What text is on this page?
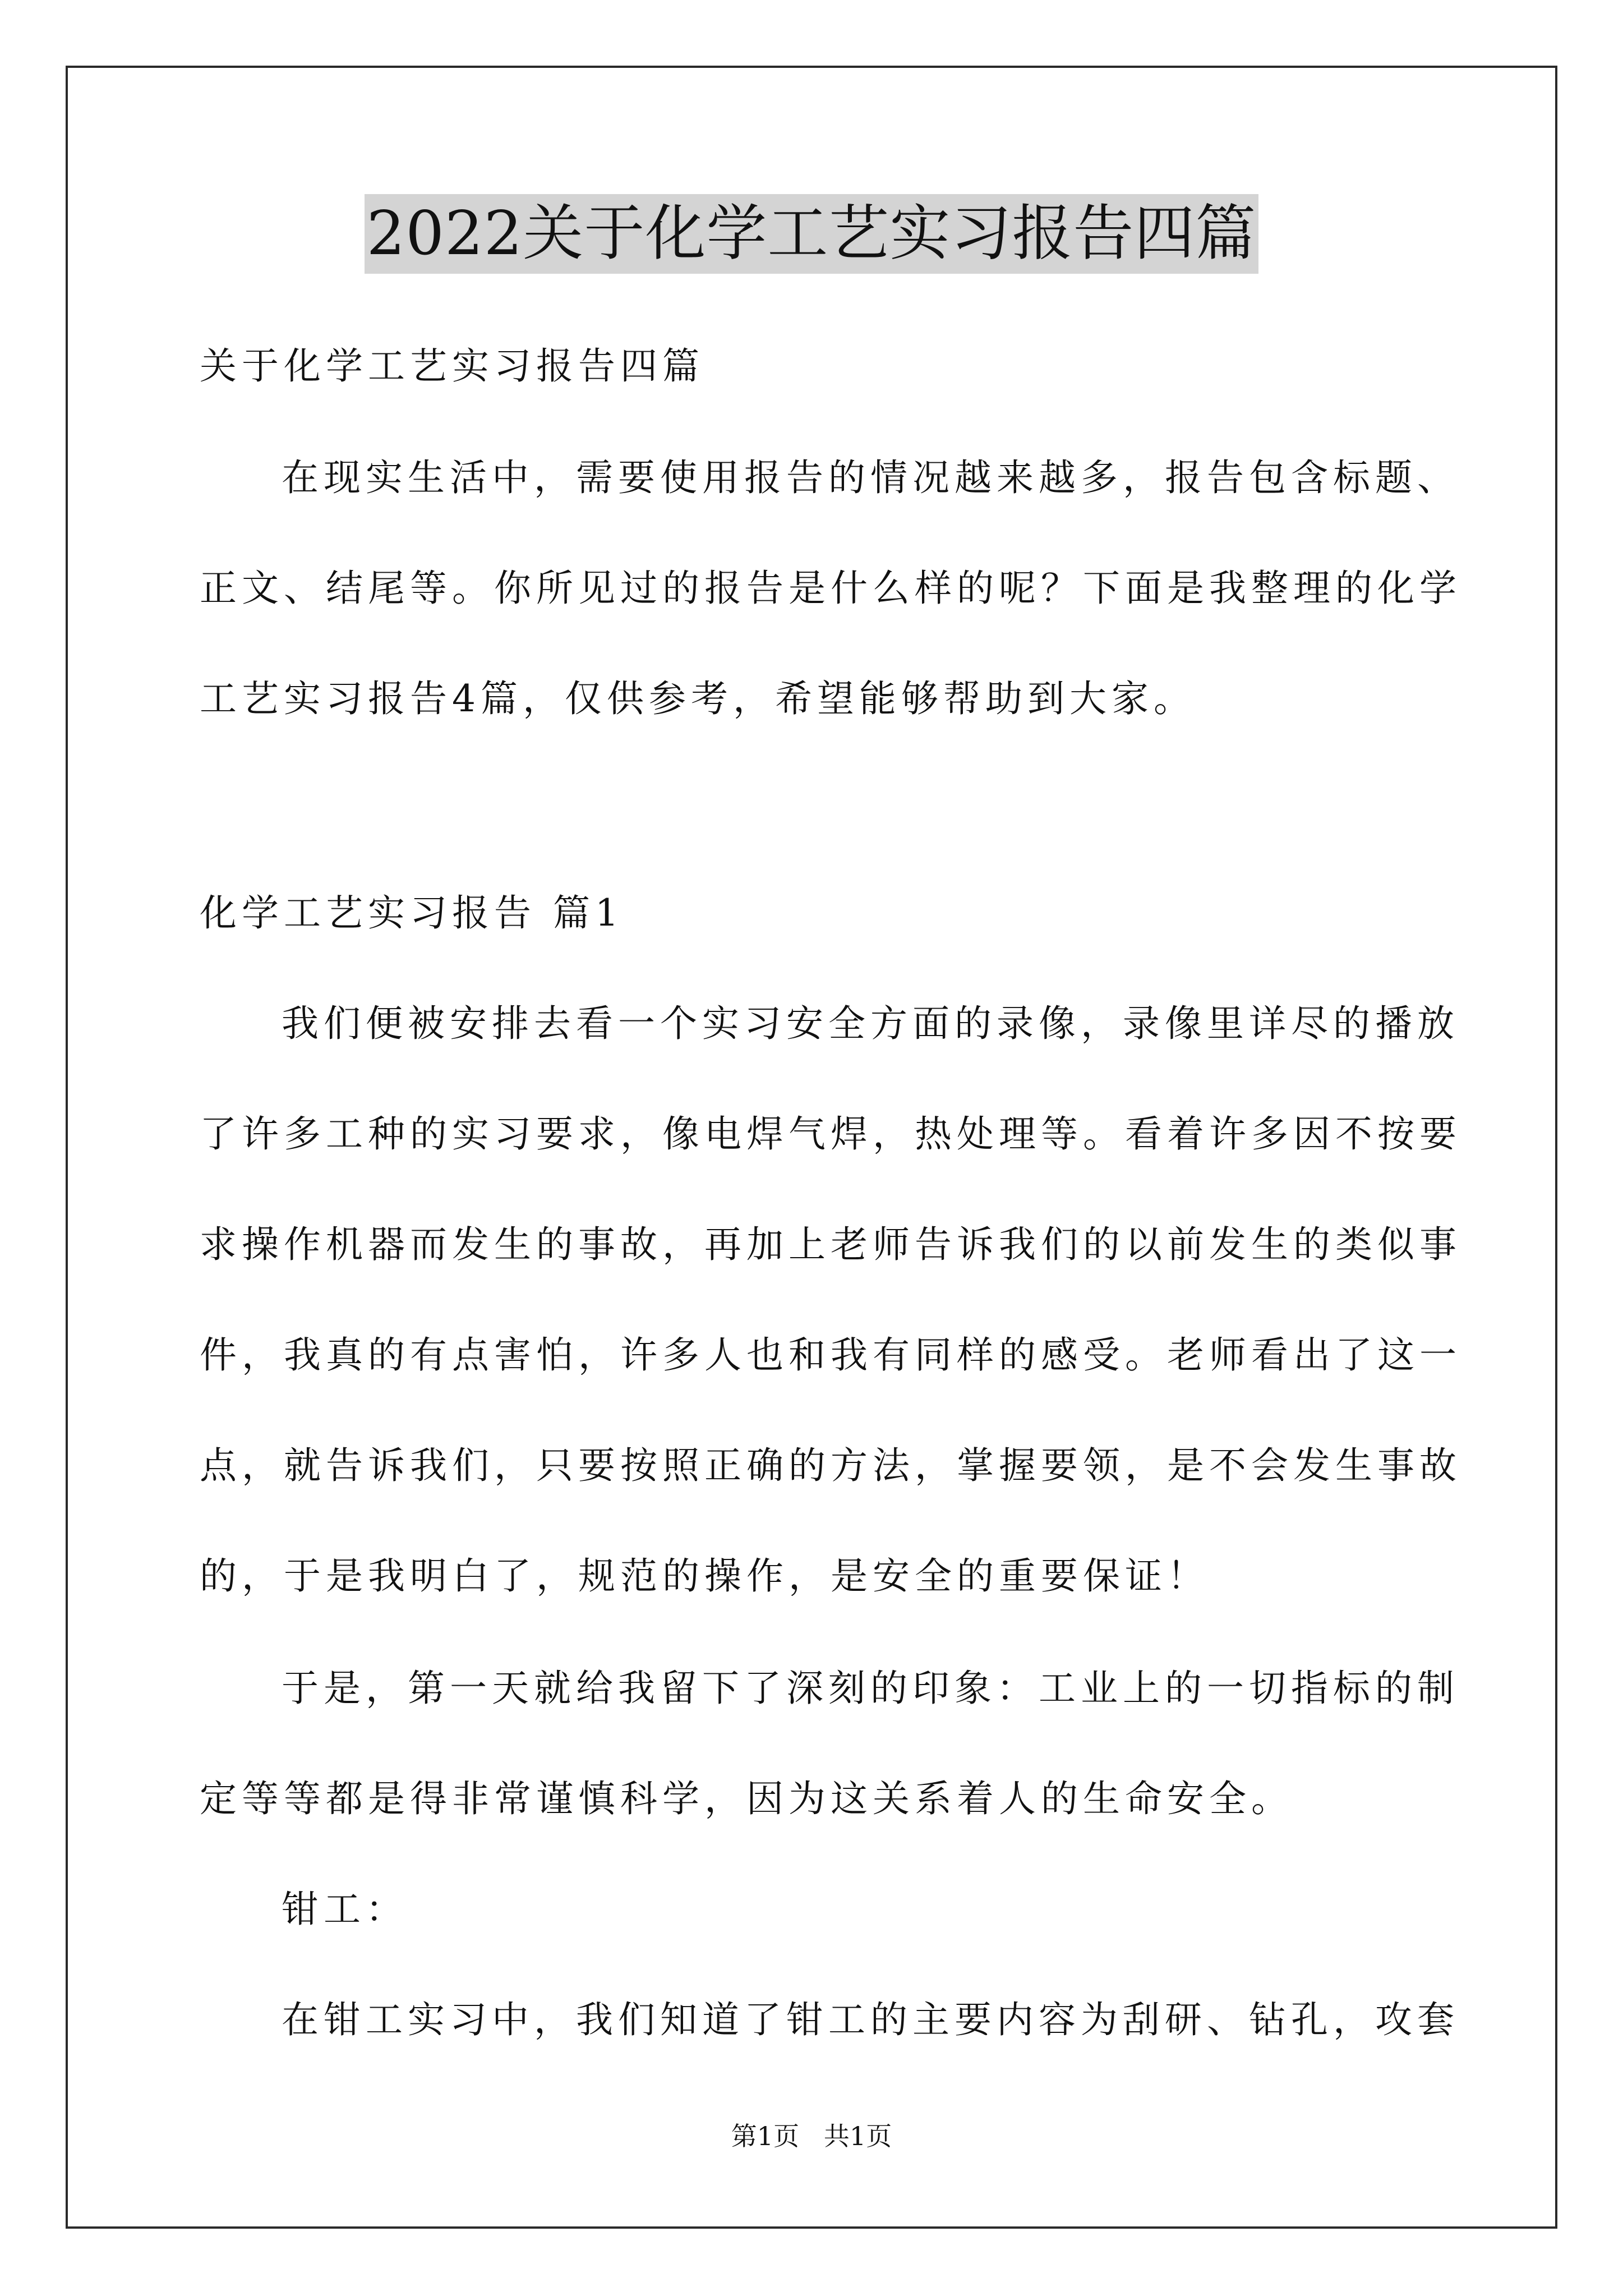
2022关于化学工艺实习报告四篇
关于化学工艺实习报告四篇
在现实生活中，需要使用报告的情况越来越多，报告包含标题、
正文、结尾等。你所见过的报告是什么样的呢？下面是我整理的化学
工艺实习报告4篇，仅供参考，希望能够帮助到大家。
化学工艺实习报告 篇1
我们便被安排去看一个实习安全方面的录像，录像里详尽的播放
了许多工种的实习要求，像电焊气焊，热处理等。看着许多因不按要
求操作机器而发生的事故，再加上老师告诉我们的以前发生的类似事
件，我真的有点害怕，许多人也和我有同样的感受。老师看出了这一
点，就告诉我们，只要按照正确的方法，掌握要领，是不会发生事故
的，于是我明白了，规范的操作，是安全的重要保证！
于是，第一天就给我留下了深刻的印象：工业上的一切指标的制
定等等都是得非常谨慎科学，因为这关系着人的生命安全。
钳工：
在钳工实习中，我们知道了钳工的主要内容为刮研、钻孔，攻套
第1页   共1页
